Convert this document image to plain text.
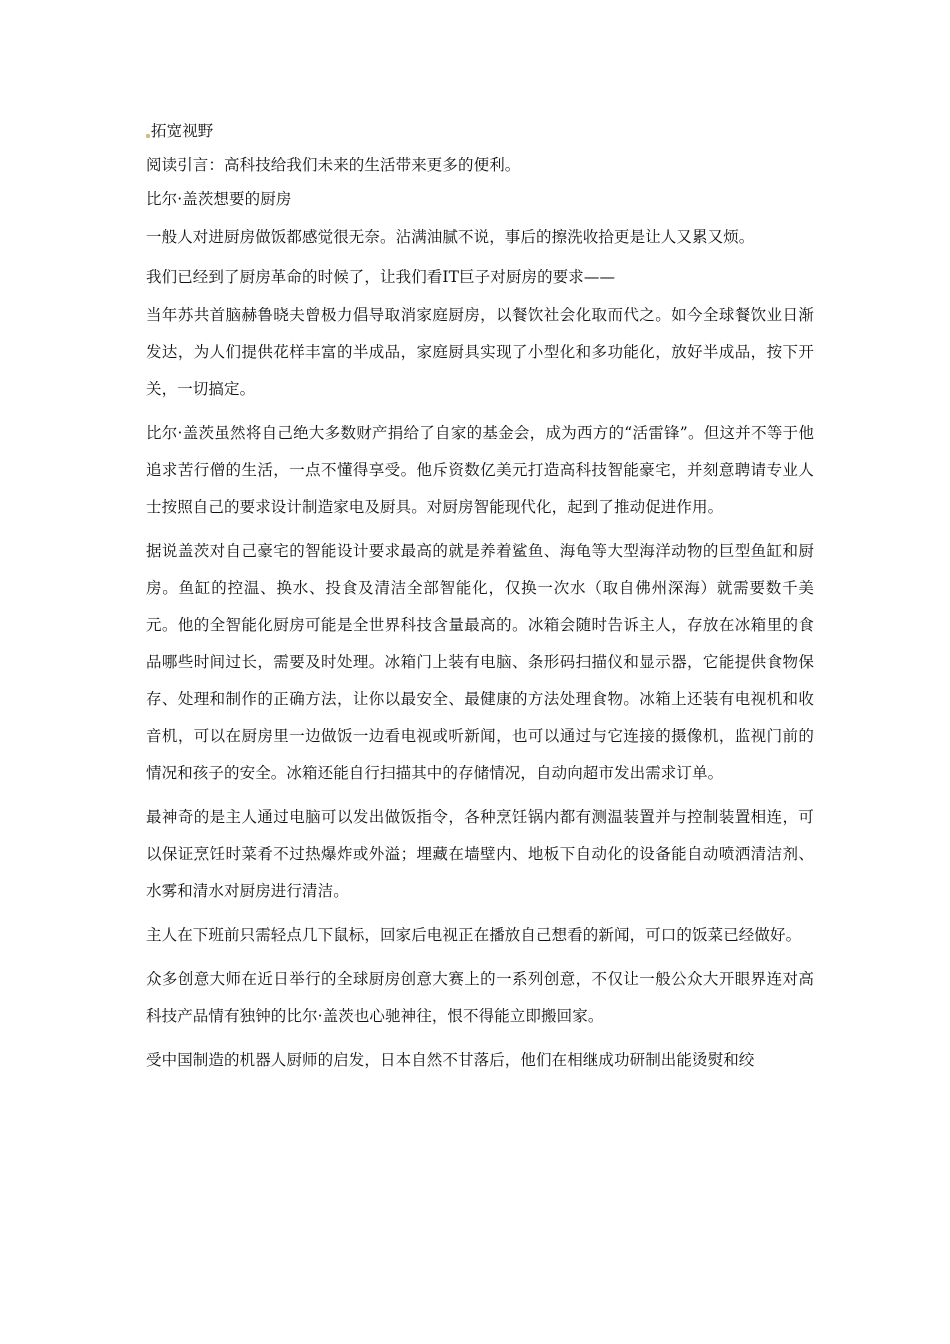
拓宽视野

阅读引言：高科技给我们未来的生活带来更多的便利。

比尔·盖茨想要的厨房

一般人对进厨房做饭都感觉很无奈。沾满油腻不说，事后的擦洗收拾更是让人又累又烦。

我们已经到了厨房革命的时候了，让我们看IT巨子对厨房的要求——

当年苏共首脑赫鲁晓夫曾极力倡导取消家庭厨房，以餐饮社会化取而代之。如今全球餐饮业日渐发达，为人们提供花样丰富的半成品，家庭厨具实现了小型化和多功能化，放好半成品，按下开关，一切搞定。

比尔·盖茨虽然将自己绝大多数财产捐给了自家的基金会，成为西方的“活雷锋”。但这并不等于他追求苦行僧的生活，一点不懂得享受。他斥资数亿美元打造高科技智能豪宅，并刻意聘请专业人士按照自己的要求设计制造家电及厨具。对厨房智能现代化，起到了推动促进作用。

据说盖茨对自己豪宅的智能设计要求最高的就是养着鲨鱼、海龟等大型海洋动物的巨型鱼缸和厨房。鱼缸的控温、换水、投食及清洁全部智能化，仅换一次水（取自佛州深海）就需要数千美元。他的全智能化厨房可能是全世界科技含量最高的。冰箱会随时告诉主人，存放在冰箱里的食品哪些时间过长，需要及时处理。冰箱门上装有电脑、条形码扫描仪和显示器，它能提供食物保存、处理和制作的正确方法，让你以最安全、最健康的方法处理食物。冰箱上还装有电视机和收音机，可以在厨房里一边做饭一边看电视或听新闻，也可以通过与它连接的摄像机，监视门前的情况和孩子的安全。冰箱还能自行扫描其中的存储情况，自动向超市发出需求订单。

最神奇的是主人通过电脑可以发出做饭指令，各种烹饪锅内都有测温装置并与控制装置相连，可以保证烹饪时菜肴不过热爆炸或外溢；埋藏在墙壁内、地板下自动化的设备能自动喷洒清洁剂、水雾和清水对厨房进行清洁。

主人在下班前只需轻点几下鼠标，回家后电视正在播放自己想看的新闻，可口的饭菜已经做好。

众多创意大师在近日举行的全球厨房创意大赛上的一系列创意，不仅让一般公众大开眼界连对高科技产品情有独钟的比尔·盖茨也心驰神往，恨不得能立即搬回家。

受中国制造的机器人厨师的启发，日本自然不甘落后，他们在相继成功研制出能烫熨和绞
